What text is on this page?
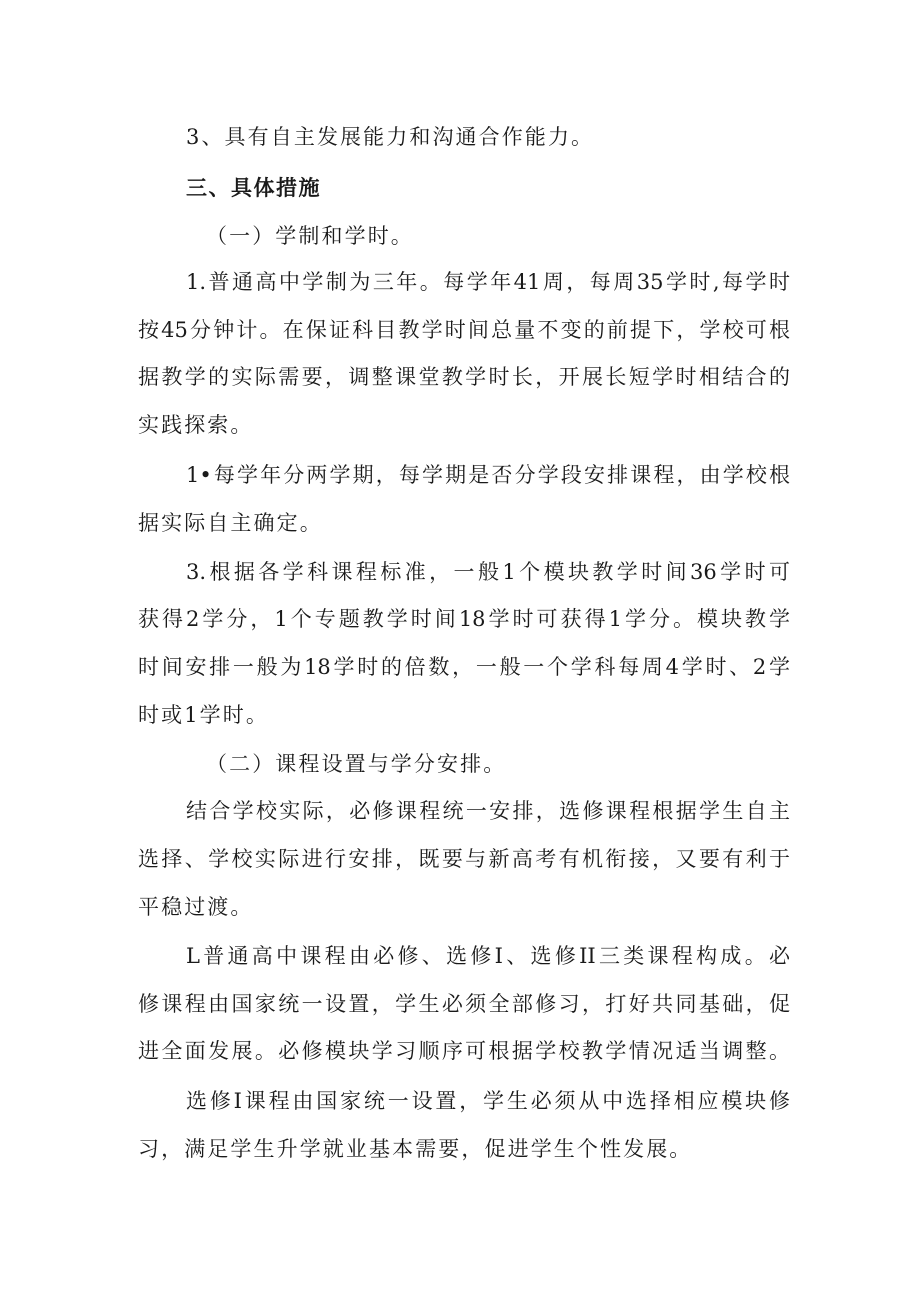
3、具有自主发展能力和沟通合作能力。
三、具体措施
（一）学制和学时。
1.普通高中学制为三年。每学年41周，每周35学时,每学时
按45分钟计。在保证科目教学时间总量不变的前提下，学校可根
据教学的实际需要，调整课堂教学时长，开展长短学时相结合的
实践探索。
1•每学年分两学期，每学期是否分学段安排课程，由学校根
据实际自主确定。
3.根据各学科课程标准，一般1个模块教学时间36学时可
获得2学分，1个专题教学时间18学时可获得1学分。模块教学
时间安排一般为18学时的倍数，一般一个学科每周4学时、2学
时或1学时。
（二）课程设置与学分安排。
结合学校实际，必修课程统一安排，选修课程根据学生自主
选择、学校实际进行安排，既要与新高考有机衔接，又要有利于
平稳过渡。
L普通高中课程由必修、选修I、选修II三类课程构成。必
修课程由国家统一设置，学生必须全部修习，打好共同基础，促
进全面发展。必修模块学习顺序可根据学校教学情况适当调整。
选修I课程由国家统一设置，学生必须从中选择相应模块修
习，满足学生升学就业基本需要，促进学生个性发展。
